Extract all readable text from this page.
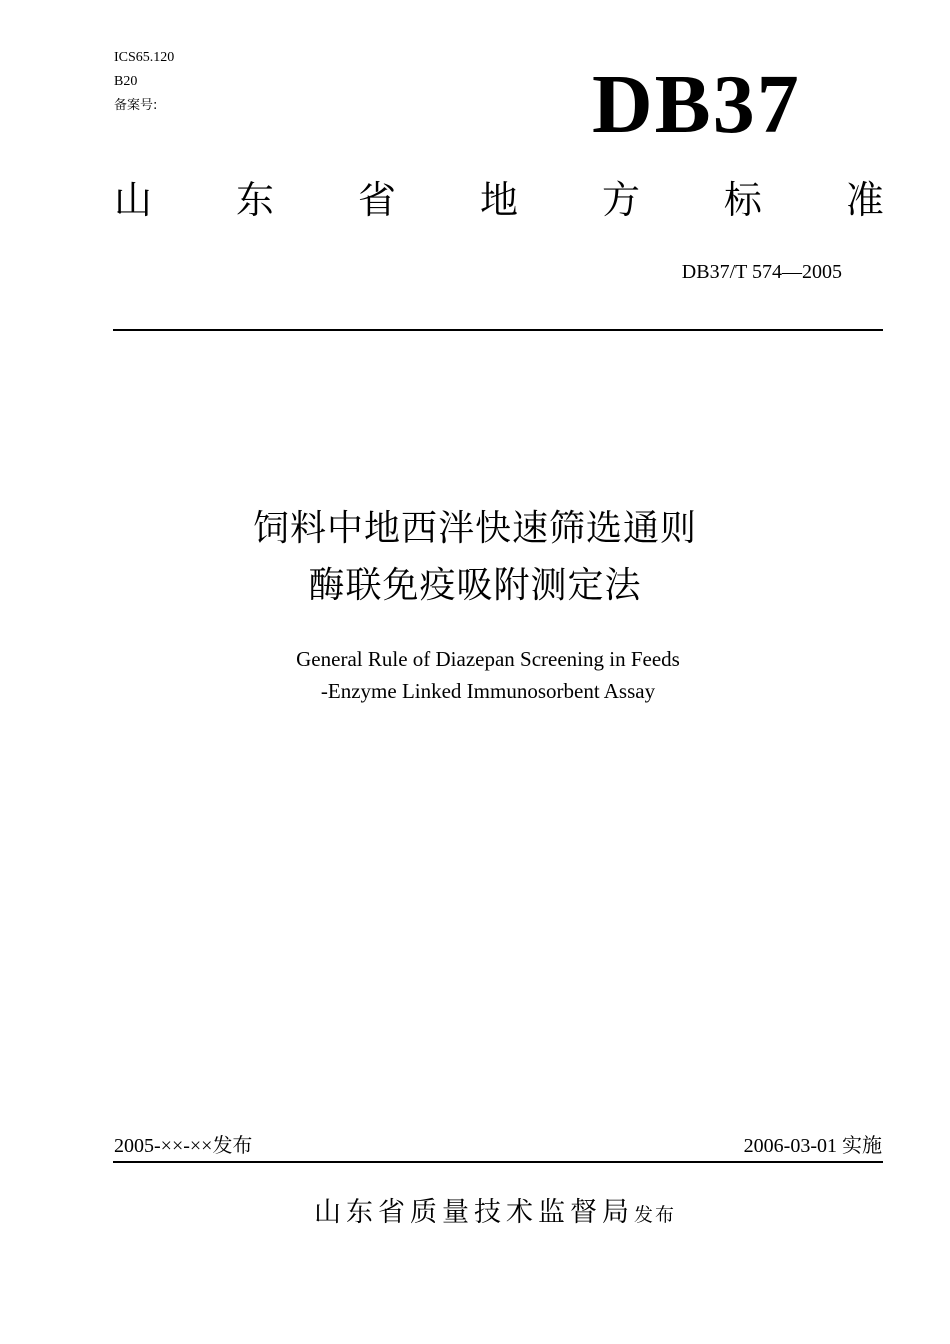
ICS65.120
B20
备案号:	DB37
山 东 省 地 方 标 准
DB37/T 574—2005
饲料中地西泮快速筛选通则
酶联免疫吸附测定法
General Rule of Diazepan Screening in Feeds
-Enzyme Linked Immunosorbent Assay
2005-××-××发布	2006-03-01 实施
山东省质量技术监督局发布
